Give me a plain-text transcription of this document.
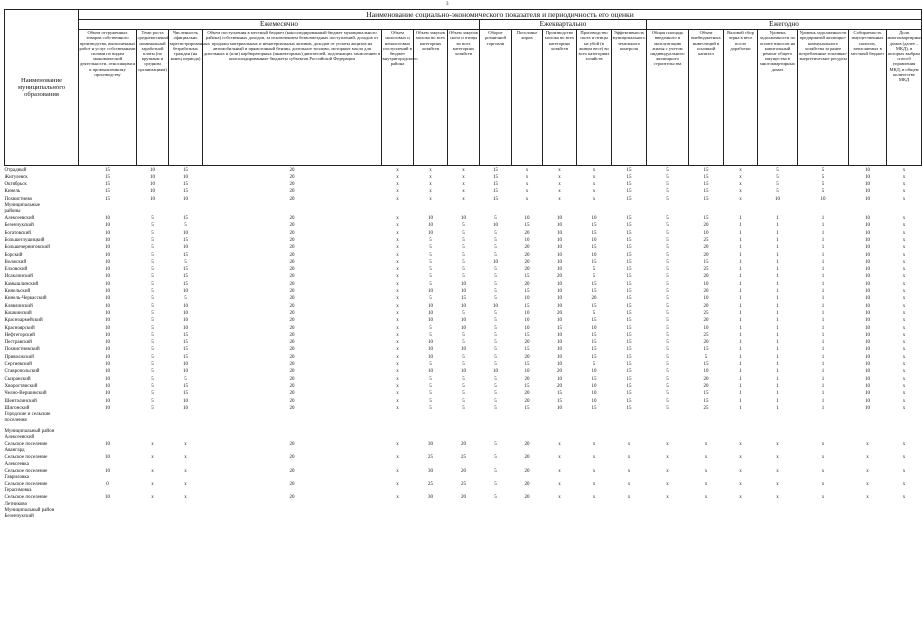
3
Наименование муниципального образования	Наименование социально-экономического показателя и периодичность его оценки																		
	Ежемесячно							Ежеквартально					Ежегодно						
	Объем отгруженных товаров собственного производства, выполненных работ и услуг собственными силами по видам экономической деятельности, относящимся к промышленному производству	Темп роста среднемесячной номинальной заработной платы (по крупным и средним организациям)	Численность официально зарегистрированных безработных граждан (на конец периода)	Объем поступления в местный бюджет (консолидированный бюджет муниципального района) собственных доходов, за исключением безвозмездных поступлений, доходов от продажи материальных и нематериальных активов, доходов от уплаты акцизов на автомобильный и прямогонный бензин, дизельное топливо, моторные масла для дизельных и (или) карбюраторных (инжекторных) двигателей, подлежащих зачислению в консолидированные бюджеты субъектов Российской Федерации	Объем налоговых и неналоговых поступлений в бюджет внутригородского района	Объем закупок молока во всех категориях хозяйств	Объем закупок скота и птицы во всех категориях хозяйств	Оборот розничной торговли	Поголовье коров	Производство молока во всех категориях хозяйств	Производство скота и птицы на убой (в живом весе) во всех категориях хозяйств	Эффективность муниципального земельного контроля	Общая площадь введенного в эксплуатацию жилья с учетом индивидуального жилищного строительства	Объем внебюджетных инвестиций в основной капитал	Валовой сбор зерна в весе после доработки	Уровень задолженности по оплате взносов на капитальный ремонт общего имущества в многоквартирных домах	Уровень задолженности предприятий жилищно-коммунального хозяйства за ранее потребленные топливно-энергетические ресурсы	Собираемость имущественных налогов, зачисляемых в местный бюджет	Доля многоквартирных домов (далее – МКД), в которых выбран способ управления МКД, в общем количестве МКД
Отрадный	15	10	15	20	x	x	x	15	x	x	x	15	5	15	x	5	5	10	x
Жигулевск	15	10	10	20	x	x	x	15	x	x	x	15	5	15	x	5	5	10	x
Октябрьск	15	10	15	20	x	x	x	15	x	x	x	15	5	15	x	5	5	10	x
Кинель	15	10	15	20	x	x	x	15	x	x	x	15	5	15	x	5	5	10	x
Похвистнево	15	10	10	20	x	x	x	15	x	x	x	15	5	15	x	10	10	10	x
Муниципальные																			
районы																			
Алексеевский	10	5	15	20	x	10	10	5	10	10	10	15	5	15	1	1	1	10	x
Безенчукский	10	5	5	20	x	10	5	10	15	10	15	15	5	20	1	1	1	10	x
Богатовский	10	5	10	20	x	10	5	5	20	10	15	15	5	10	1	1	1	10	x
Большеглушицкий	10	5	15	20	x	5	5	5	10	10	10	15	5	25	1	1	1	10	x
Большечерниговский	10	5	10	20	x	5	5	5	20	10	15	15	5	20	1	1	1	10	x
Борский	10	5	15	20	x	5	5	5	20	10	10	15	5	20	1	1	1	10	x
Волжский	10	5	5	20	x	5	5	10	20	10	15	15	5	15	1	1	1	10	x
Елховский	10	5	15	20	x	5	5	5	20	10	5	15	5	25	1	1	1	10	x
Исаклинский	10	5	15	20	x	5	5	5	15	20	5	15	5	20	1	1	1	10	x
Камышлинский	10	5	15	20	x	5	10	5	20	10	15	15	5	10	1	1	1	10	x
Кинельский	10	5	10	20	x	10	10	5	15	10	15	15	5	20	1	1	1	10	x
Кинель-Черкасский	10	5	5	20	x	5	15	5	10	10	20	15	5	10	1	1	1	10	x
Клявлинский	10	5	10	20	x	10	10	10	15	10	15	15	5	20	1	1	1	10	x
Кошкинский	10	5	10	20	x	10	5	5	10	20	5	15	5	25	1	1	1	10	x
Красноармейский	10	5	10	20	x	10	10	5	10	10	15	15	5	20	1	1	1	10	x
Красноярский	10	5	10	20	x	5	10	5	10	15	10	15	5	10	1	1	1	10	x
Нефтегорский	10	5	15	20	x	5	5	5	15	10	15	15	5	25	1	1	1	10	x
Пестравский	10	5	15	20	x	10	5	5	20	10	15	15	5	20	1	1	1	10	x
Похвистневский	10	5	15	20	x	10	10	5	15	10	15	15	5	15	1	1	1	10	x
Приволжский	10	5	15	20	x	10	5	5	20	10	15	15	5	5	1	1	1	10	x
Сергиевский	10	5	10	20	x	5	5	5	15	10	5	15	5	15	1	1	1	10	x
Ставропольский	10	5	10	20	x	10	10	10	10	20	10	15	5	10	1	1	1	10	x
Сызранский	10	5	5	20	x	5	5	5	20	10	15	15	5	20	1	1	1	10	x
Хворостянский	10	5	15	20	x	5	5	5	15	20	10	15	5	20	1	1	1	10	x
Челно-Вершинский	10	5	15	20	x	5	5	5	20	15	10	15	5	15	1	1	1	10	x
Шенталинский	10	5	10	20	x	5	5	5	20	15	10	15	5	15	1	1	1	10	x
Шигонский	10	5	10	20	x	5	5	5	15	10	15	15	5	25	1	1	1	10	x
Городские и сельские																			
поселения																			

Муниципальный район																			
Алексеевский																			
Сельское поселение	10	x	x	20	x	30	20	5	20	x	x	x	x	x	x	x	x	x	x
Авангард																			
Сельское поселение	10	x	x	20	x	25	25	5	20	x	x	x	x	x	x	x	x	x	x
Алексеевка																			
Сельское поселение	10	x	x	20	x	30	20	5	20	x	x	x	x	x	x	x	x	x	x
Гавриловка																			
Сельское поселение	0	x	x	20	x	25	25	5	20	x	x	x	x	x	x	x	x	x	x
Герасимовка																			
Сельское поселение	10	x	x	20	x	30	20	5	20	x	x	x	x	x	x	x	x	x	x
Летниково																			
Муниципальный район																			
Безенчукский																			
